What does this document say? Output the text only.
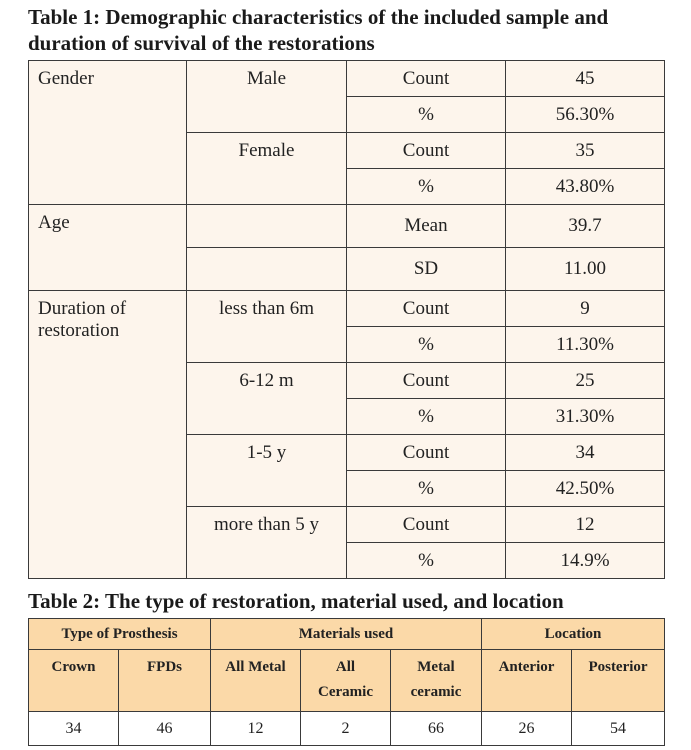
Table 1: Demographic characteristics of the included sample and duration of survival of the restorations

Gender	Male	Count	45
		%	56.30%
	Female	Count	35
		%	43.80%
Age		Mean	39.7
		SD	11.00
Duration of restoration	less than 6m	Count	9
		%	11.30%
	6-12 m	Count	25
		%	31.30%
	1-5 y	Count	34
		%	42.50%
	more than 5 y	Count	12
		%	14.9%

Table 2: The type of restoration, material used, and location

Type of Prosthesis		Materials used			Location	
Crown	FPDs	All Metal	All Ceramic	Metal ceramic	Anterior	Posterior
34	46	12	2	66	26	54
